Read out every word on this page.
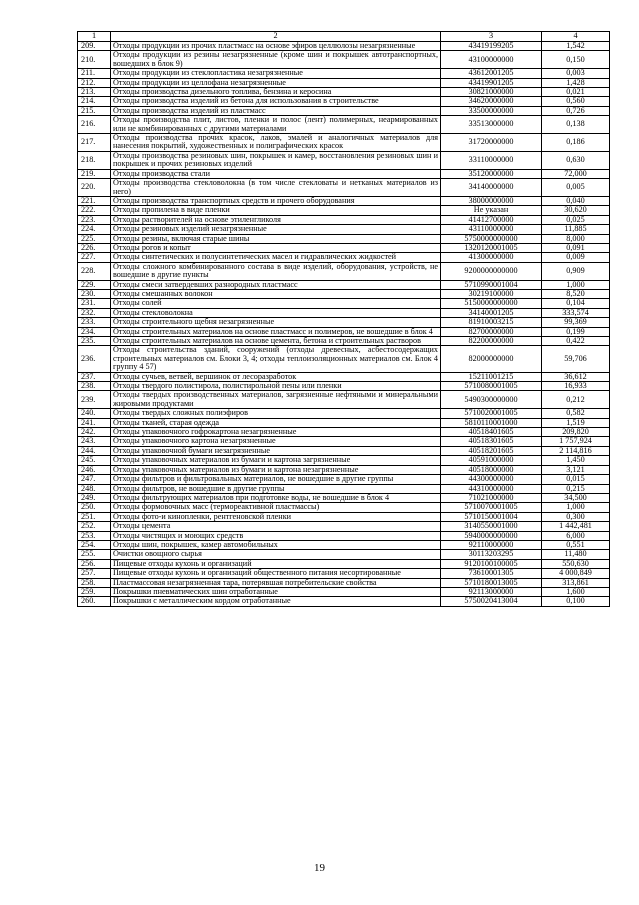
1	2	3	4
209.	Отходы продукции из прочих пластмасс на основе эфиров целлюлозы незагрязненные	43419199205	1,542
210.	Отходы продукции из резины незагрязненные (кроме шин и покрышек автотранспортных, вошедших в блок 9)	43100000000	0,150
211.	Отходы продукции из стеклопластика незагрязненные	43612001205	0,003
212.	Отходы продукции из целлофана незагрязненные	43419901205	1,428
213.	Отходы производства дизельного топлива, бензина и керосина	30821000000	0,021
214.	Отходы производства изделий из бетона для использования в строительстве	34620000000	0,560
215.	Отходы производства изделий из пластмасс	33500000000	0,726
216.	Отходы производства плит, листов, пленки и полос (лент) полимерных, неармированных или не комбинированных с другими материалами	33513000000	0,138
217.	Отходы производства прочих красок, лаков, эмалей и аналогичных материалов для нанесения покрытий, художественных и полиграфических красок	31720000000	0,186
218.	Отходы производства резиновых шин, покрышек и камер, восстановления резиновых шин и покрышек и прочих резиновых изделий	33110000000	0,630
219.	Отходы производства стали	35120000000	72,000
220.	Отходы производства стекловолокна (в том числе стекловаты и нетканых материалов из него)	34140000000	0,005
221.	Отходы производства транспортных средств и прочего оборудования	38000000000	0,040
222.	Отходы пропилена в виде пленки	Не указан	30,620
223.	Отходы растворителей на основе этиленгликоля	41412700000	0,025
224.	Отходы резиновых изделий незагрязненные	43110000000	11,885
225.	Отходы резины, включая старые шины	5750000000000	8,000
226.	Отходы рогов и копыт	1320120001005	0,091
227.	Отходы синтетических и полусинтетических масел и гидравлических жидкостей	41300000000	0,009
228.	Отходы сложного комбинированного состава в виде изделий, оборудования, устройств, не вошедшие в другие пункты	9200000000000	0,909
229.	Отходы смеси затвердевших разнородных пластмасс	5710990001004	1,000
230.	Отходы смешанных волокон	30219100000	8,520
231.	Отходы солей	5150000000000	0,104
232.	Отходы стекловолокна	34140001205	333,574
233.	Отходы строительного щебня незагрязненные	81910003215	99,369
234.	Отходы строительных материалов на основе пластмасс и полимеров, не вошедшие в блок 4	82700000000	0,199
235.	Отходы строительных материалов на основе цемента, бетона и строительных растворов	82200000000	0,422
236.	Отходы строительства зданий, сооружений (отходы древесных, асбестосодержащих строительных материалов см. Блоки 3, 4; отходы теплоизоляционных материалов см. Блок 4 группу 4 57)	82000000000	59,706
237.	Отходы сучьев, ветвей, вершинок от лесоразработок	15211001215	36,612
238.	Отходы твердого полистирола, полистирольной пены или пленки	5710080001005	16,933
239.	Отходы твердых производственных материалов, загрязненные нефтяными и минеральными жировыми продуктами	5490300000000	0,212
240.	Отходы твердых сложных полиэфиров	5710020001005	0,582
241.	Отходы тканей, старая одежда	5810110001000	1,519
242.	Отходы упаковочного гофрокартона незагрязненные	40518401605	209,820
243.	Отходы упаковочного картона незагрязненные	40518301605	1 757,924
244.	Отходы упаковочной бумаги незагрязненные	40518201605	2 114,816
245.	Отходы упаковочных материалов из бумаги и картона загрязненные	40591000000	1,450
246.	Отходы упаковочных материалов из бумаги и картона незагрязненные	40518000000	3,121
247.	Отходы фильтров и фильтровальных материалов, не вошедшие в другие группы	44300000000	0,015
248.	Отходы фильтров, не вошедшие в другие группы	44310000000	0,215
249.	Отходы фильтрующих материалов при подготовке воды, не вошедшие в блок 4	71021000000	34,500
250.	Отходы формовочных масс (термореактивной пластмассы)	5710070001005	1,000
251.	Отходы фото-и кинопленки, рентгеновской пленки	5710150001004	0,300
252.	Отходы цемента	3140550001000	1 442,481
253.	Отходы чистящих и моющих средств	5940000000000	6,000
254.	Отходы шин, покрышек, камер автомобильных	92110000000	0,551
255.	Очистки овощного сырья	30113203295	11,480
256.	Пищевые отходы кухонь и организаций	9120100100005	550,630
257.	Пищевые отходы кухонь и организаций общественного питания несортированные	73610001305	4 000,849
258.	Пластмассовая незагрязненная тара, потерявшая потребительские свойства	5710180013005	313,861
259.	Покрышки пневматических шин отработанные	92113000000	1,600
260.	Покрышки с металлическим кордом отработанные	5750020413004	0,100
19
